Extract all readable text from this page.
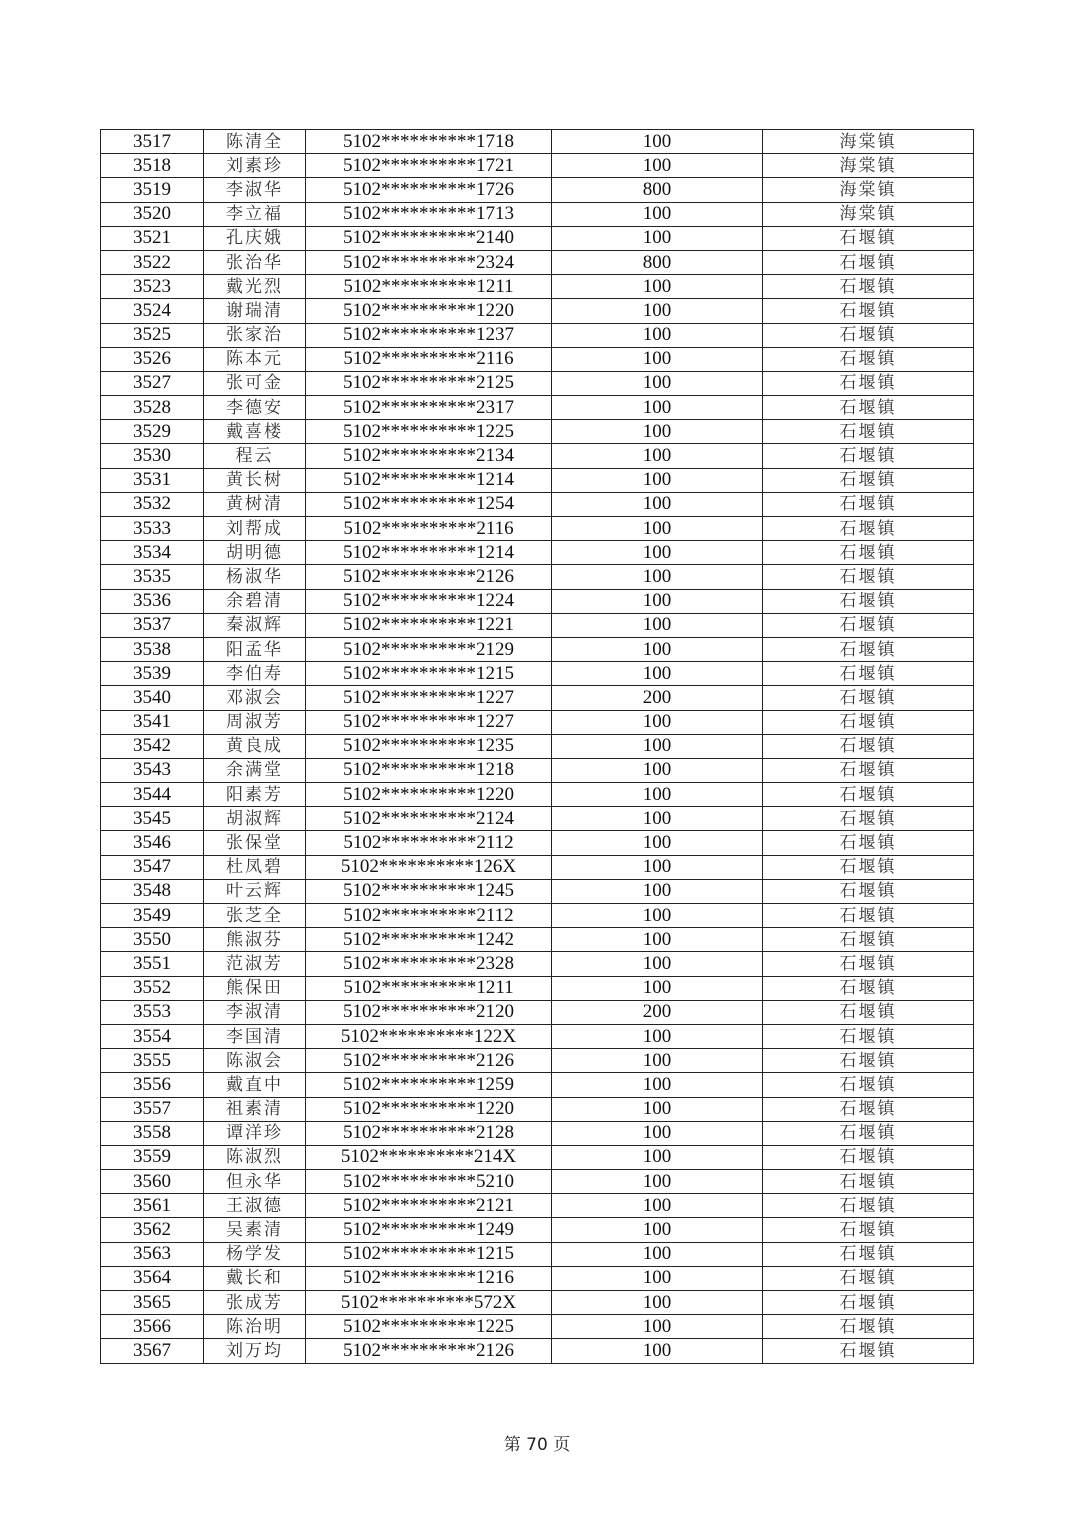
3517	陈清全	5102**********1718	100	海棠镇
3518	刘素珍	5102**********1721	100	海棠镇
3519	李淑华	5102**********1726	800	海棠镇
3520	李立福	5102**********1713	100	海棠镇
3521	孔庆娥	5102**********2140	100	石堰镇
3522	张治华	5102**********2324	800	石堰镇
3523	戴光烈	5102**********1211	100	石堰镇
3524	谢瑞清	5102**********1220	100	石堰镇
3525	张家治	5102**********1237	100	石堰镇
3526	陈本元	5102**********2116	100	石堰镇
3527	张可金	5102**********2125	100	石堰镇
3528	李德安	5102**********2317	100	石堰镇
3529	戴喜楼	5102**********1225	100	石堰镇
3530	程云	5102**********2134	100	石堰镇
3531	黄长树	5102**********1214	100	石堰镇
3532	黄树清	5102**********1254	100	石堰镇
3533	刘帮成	5102**********2116	100	石堰镇
3534	胡明德	5102**********1214	100	石堰镇
3535	杨淑华	5102**********2126	100	石堰镇
3536	余碧清	5102**********1224	100	石堰镇
3537	秦淑辉	5102**********1221	100	石堰镇
3538	阳孟华	5102**********2129	100	石堰镇
3539	李伯寿	5102**********1215	100	石堰镇
3540	邓淑会	5102**********1227	200	石堰镇
3541	周淑芳	5102**********1227	100	石堰镇
3542	黄良成	5102**********1235	100	石堰镇
3543	余满堂	5102**********1218	100	石堰镇
3544	阳素芳	5102**********1220	100	石堰镇
3545	胡淑辉	5102**********2124	100	石堰镇
3546	张保堂	5102**********2112	100	石堰镇
3547	杜凤碧	5102**********126X	100	石堰镇
3548	叶云辉	5102**********1245	100	石堰镇
3549	张芝全	5102**********2112	100	石堰镇
3550	熊淑芬	5102**********1242	100	石堰镇
3551	范淑芳	5102**********2328	100	石堰镇
3552	熊保田	5102**********1211	100	石堰镇
3553	李淑清	5102**********2120	200	石堰镇
3554	李国清	5102**********122X	100	石堰镇
3555	陈淑会	5102**********2126	100	石堰镇
3556	戴直中	5102**********1259	100	石堰镇
3557	祖素清	5102**********1220	100	石堰镇
3558	谭洋珍	5102**********2128	100	石堰镇
3559	陈淑烈	5102**********214X	100	石堰镇
3560	但永华	5102**********5210	100	石堰镇
3561	王淑德	5102**********2121	100	石堰镇
3562	吴素清	5102**********1249	100	石堰镇
3563	杨学发	5102**********1215	100	石堰镇
3564	戴长和	5102**********1216	100	石堰镇
3565	张成芳	5102**********572X	100	石堰镇
3566	陈治明	5102**********1225	100	石堰镇
3567	刘万均	5102**********2126	100	石堰镇
第 70 页
